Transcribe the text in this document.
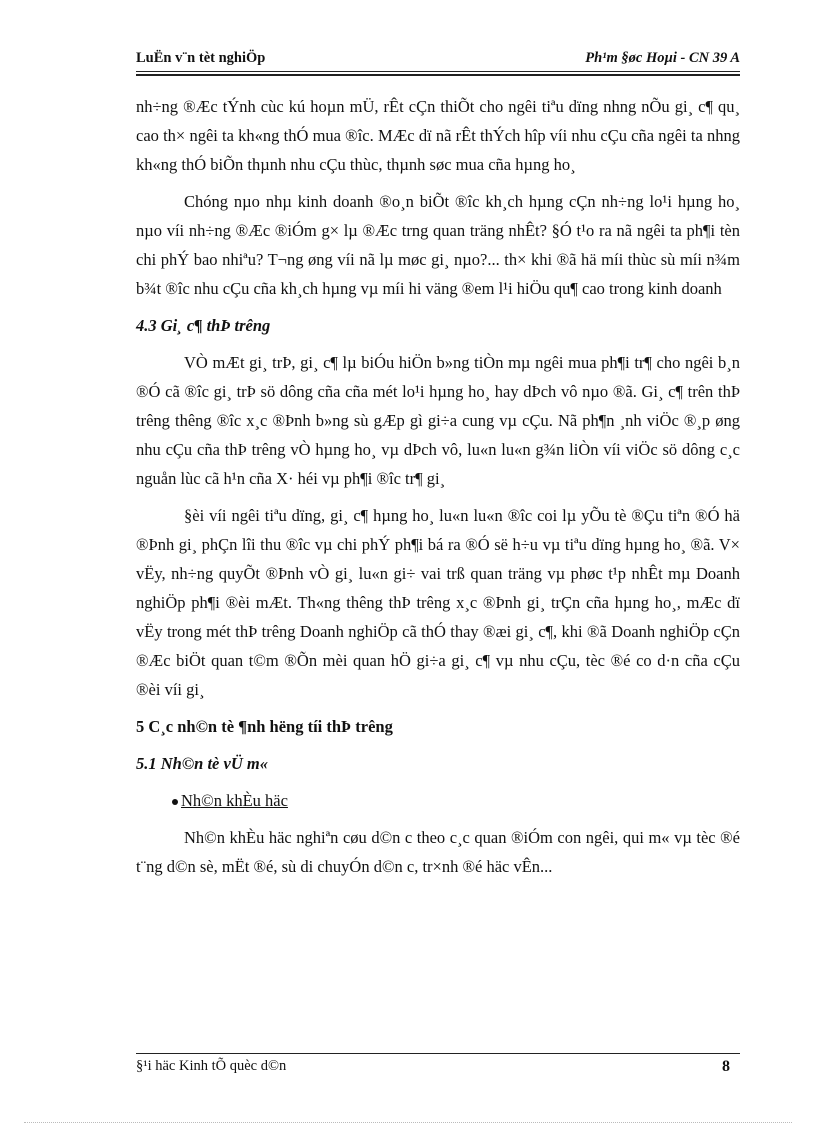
LuËn v¨n tèt nghiÖp	Ph¹m §øc Hoµi - CN 39 A

nh÷ng ®Æc tÝnh cùc kú hoµn mÜ, rÊt cÇn thiÕt cho ngêi tiªu dïng nhng nÕu gi¸ c¶ qu¸ cao th× ngêi ta kh«ng thÓ mua ®îc. MÆc dï nã rÊt thÝch hîp víi nhu cÇu cña ngêi ta nhng kh«ng thÓ biÕn thµnh nhu cÇu thùc, thµnh søc mua cña hµng ho¸

Chóng nµo nhµ kinh doanh ®o¸n biÕt ®îc kh¸ch hµng cÇn nh÷ng lo¹i hµng ho¸ nµo víi nh÷ng ®Æc ®iÓm g× lµ ®Æc trng quan träng nhÊt? §Ó t¹o ra nã ngêi ta ph¶i tèn chi phÝ bao nhiªu? T¬ng øng víi nã lµ møc gi¸ nµo?... th× khi ®ã hä míi thùc sù míi n¾m b¾t ®îc nhu cÇu cña kh¸ch hµng vµ míi hi väng ®em l¹i hiÖu qu¶ cao trong kinh doanh

4.3 Gi¸ c¶ thÞ trêng

VÒ mÆt gi¸ trÞ, gi¸ c¶ lµ biÓu hiÖn b»ng tiÒn mµ ngêi mua ph¶i tr¶ cho ngêi b¸n ®Ó cã ®îc gi¸ trÞ sö dông cña cña mét lo¹i hµng ho¸ hay dÞch vô nµo ®ã. Gi¸ c¶ trên thÞ trêng thêng ®îc x¸c ®Þnh b»ng sù gÆp gì gi÷a cung vµ cÇu. Nã ph¶n ¸nh viÖc ®¸p øng nhu cÇu cña thÞ trêng vÒ hµng ho¸ vµ dÞch vô, lu«n lu«n g¾n liÒn víi viÖc sö dông c¸c nguån lùc cã h¹n cña X· héi vµ ph¶i ®îc tr¶ gi¸

§èi víi ngêi tiªu dïng, gi¸ c¶ hµng ho¸ lu«n lu«n ®îc coi lµ yÕu tè ®Çu tiªn ®Ó hä ®Þnh gi¸ phÇn lîi thu ®îc vµ chi phÝ ph¶i bá ra ®Ó së h÷u vµ tiªu dïng hµng ho¸ ®ã. V× vËy, nh÷ng quyÕt ®Þnh vÒ gi¸ lu«n gi÷ vai trß quan träng vµ phøc t¹p nhÊt mµ Doanh nghiÖp ph¶i ®èi mÆt. Th«ng thêng thÞ trêng x¸c ®Þnh gi¸ trÇn cña hµng ho¸, mÆc dï vËy trong mét thÞ trêng Doanh nghiÖp cã thÓ thay ®æi gi¸ c¶, khi ®ã Doanh nghiÖp cÇn ®Æc biÖt quan t©m ®Õn mèi quan hÖ gi÷a gi¸ c¶ vµ nhu cÇu, tèc ®é co d·n cña cÇu ®èi víi gi¸

5 C¸c nh©n tè ¶nh hëng tíi thÞ trêng

5.1 Nh©n tè vÜ m«

Nh©n khÈu häc

Nh©n khÈu häc nghiªn cøu d©n c theo c¸c quan ®iÓm con ngêi, qui m« vµ tèc ®é t¨ng d©n sè, mËt ®é, sù di chuyÓn d©n c, tr×nh ®é häc vÊn...

§¹i häc Kinh tÕ quèc d©n	8
